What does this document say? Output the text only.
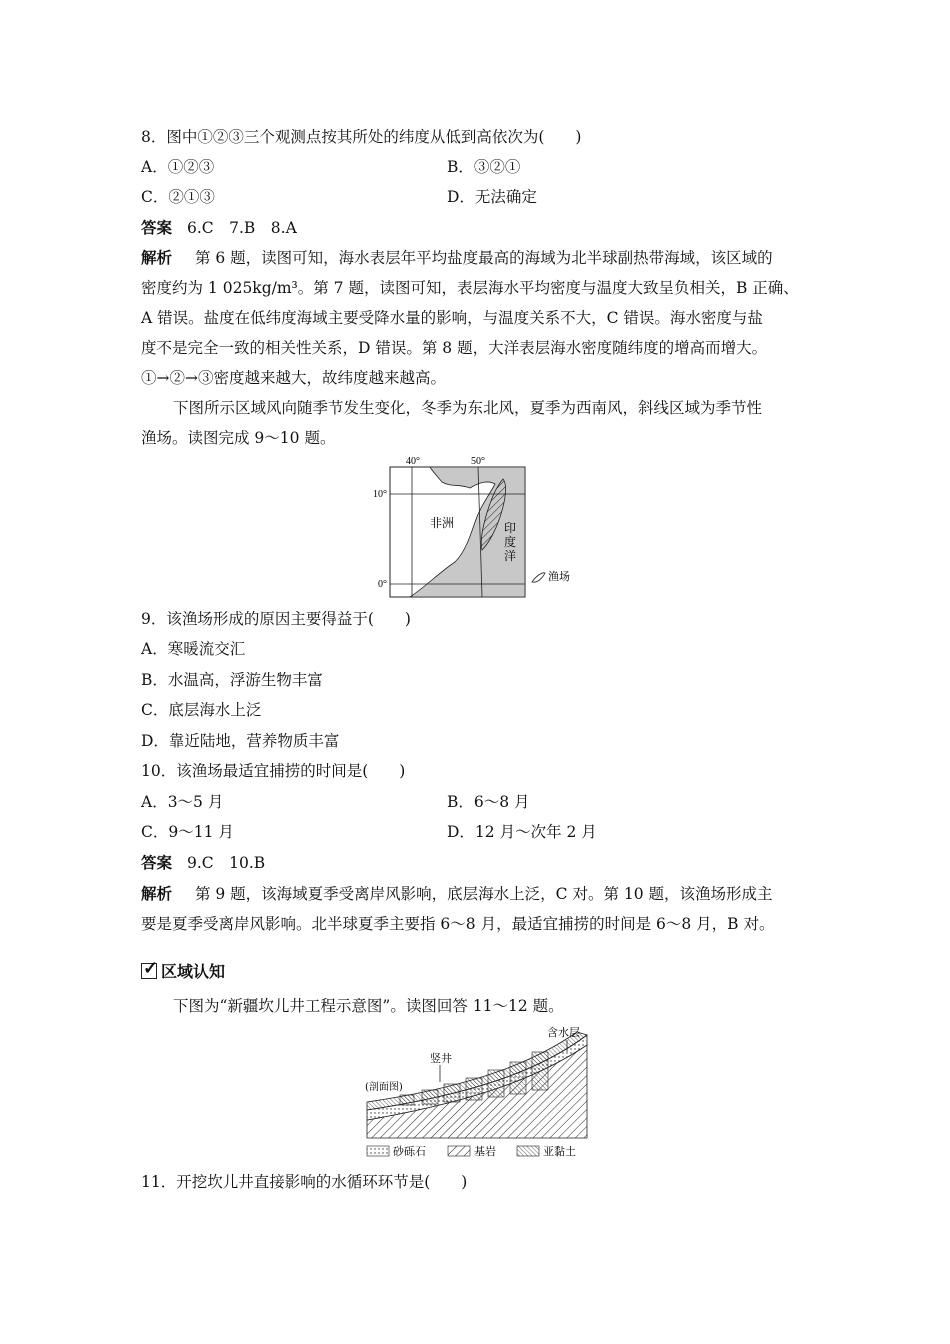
8．图中①②③三个观测点按其所处的纬度从低到高依次为(　　)
A．①②③	B．③②①
C．②①③	D．无法确定
答案 6.C　7.B　8.A
解析 第 6 题，读图可知，海水表层年平均盐度最高的海域为北半球副热带海域，该区域的
密度约为 1 025kg/m³。第 7 题，读图可知，表层海水平均密度与温度大致呈负相关，B 正确、
A 错误。盐度在低纬度海域主要受降水量的影响，与温度关系不大，C 错误。海水密度与盐
度不是完全一致的相关性关系，D 错误。第 8 题，大洋表层海水密度随纬度的增高而增大。
①→②→③密度越来越大，故纬度越来越高。
下图所示区域风向随季节发生变化，冬季为东北风，夏季为西南风，斜线区域为季节性
渔场。读图完成 9～10 题。
40°	50°
10°
0°
非洲	印
度
洋
渔场
9．该渔场形成的原因主要得益于(　　)
A．寒暖流交汇
B．水温高，浮游生物丰富
C．底层海水上泛
D．靠近陆地，营养物质丰富
10．该渔场最适宜捕捞的时间是(　　)
A．3～5 月	B．6～8 月
C．9～11 月	D．12 月～次年 2 月
答案 9.C　10.B
解析 第 9 题，该海域夏季受离岸风影响，底层海水上泛，C 对。第 10 题，该渔场形成主
要是夏季受离岸风影响。北半球夏季主要指 6～8 月，最适宜捕捞的时间是 6～8 月，B 对。
✓
区域认知
下图为“新疆坎儿井工程示意图”。读图回答 11～12 题。
含水层
竖井
(剖面图)
砂砾石	基岩	亚黏土
11．开挖坎儿井直接影响的水循环环节是(　　)
